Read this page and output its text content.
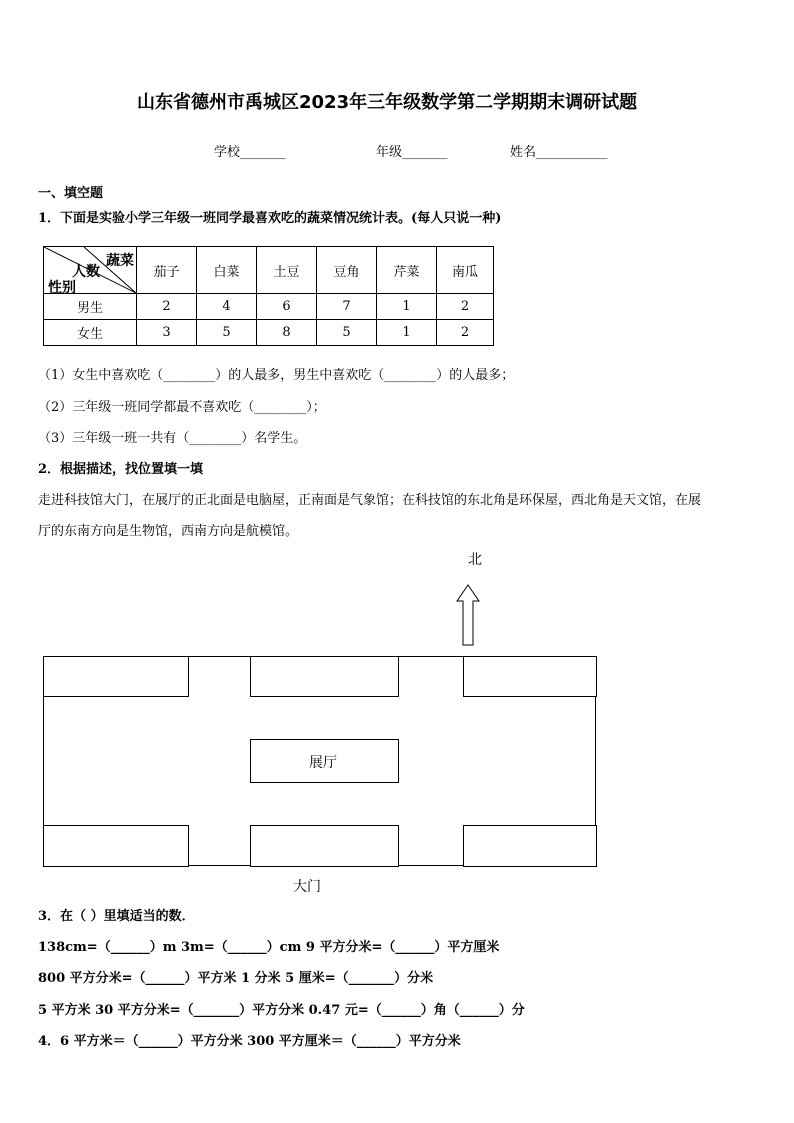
山东省德州市禹城区2023年三年级数学第二学期期末调研试题
学校_______	年级_______	姓名___________
一、填空题
1．下面是实验小学三年级一班同学最喜欢吃的蔬菜情况统计表。(每人只说一种)
蔬菜
人数
性别	茄子	白菜	土豆	豆角	芹菜	南瓜
男生	2	4	6	7	1	2
女生	3	5	8	5	1	2
（1）女生中喜欢吃（________）的人最多，男生中喜欢吃（________）的人最多；
（2）三年级一班同学都最不喜欢吃（________）；
（3）三年级一班一共有（________）名学生。
2．根据描述，找位置填一填
走进科技馆大门，在展厅的正北面是电脑屋，正南面是气象馆；在科技馆的东北角是环保屋，西北角是天文馆，在展
厅的东南方向是生物馆，西南方向是航模馆。
北
展厅
大门
3．在（ ）里填适当的数．
138cm=（______）m 3m=（______）cm 9 平方分米=（______）平方厘米
800 平方分米=（______）平方米 1 分米 5 厘米=（_______）分米
5 平方米 30 平方分米=（_______）平方分米 0.47 元=（______）角（______）分
4．6 平方米＝（______）平方分米 300 平方厘米＝（______）平方分米
